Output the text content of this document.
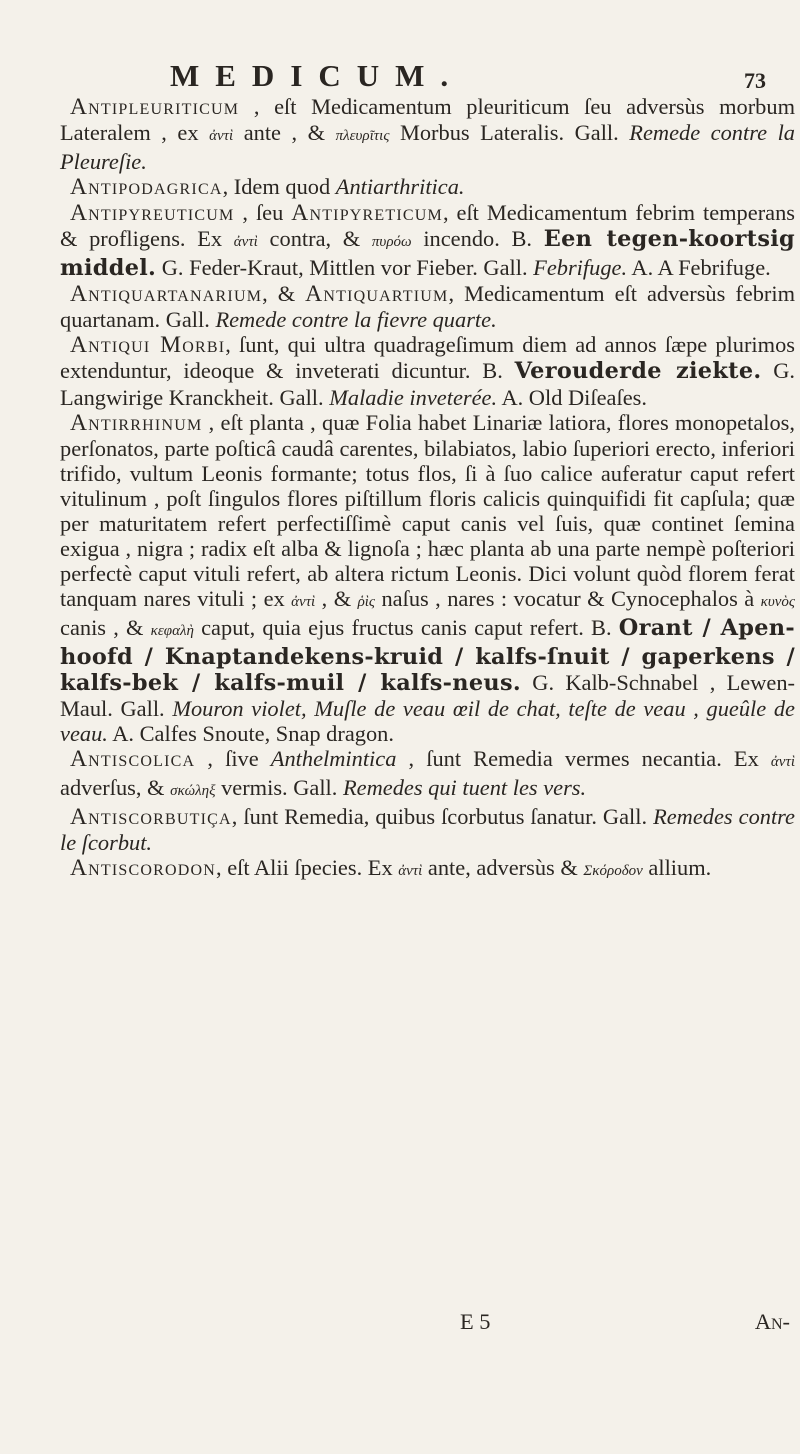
MEDICUM.	73

Antipleuriticum , eſt Medicamentum pleuriticum ſeu adversùs morbum Lateralem , ex ἀντὶ ante , & πλευρῖτις Morbus Lateralis. Gall. Remede contre la Pleureſie.

Antipodagrica, Idem quod Antiarthritica.

Antipyreuticum , ſeu Antipyreticum, eſt Medicamentum febrim temperans & profligens. Ex ἀντὶ contra, & πυρόω incendo. B. Een tegen-koortsig middel. G. Feder-Kraut, Mittlen vor Fieber. Gall. Febrifuge. A. A Febrifuge.

Antiquartanarium, & Antiquartium, Medicamentum eſt adversùs febrim quartanam. Gall. Remede contre la fievre quarte.

Antiqui Morbi, ſunt, qui ultra quadrageſimum diem ad annos ſæpe plurimos extenduntur, ideoque & inveterati dicuntur. B. Verouderde ziekte. G. Langwirige Kranckheit. Gall. Maladie inveterée. A. Old Diſeaſes.

Antirrhinum , eſt planta , quæ Folia habet Linariæ latiora, flores monopetalos, perſonatos, parte poſticâ caudâ carentes, bilabiatos, labio ſuperiori erecto, inferiori trifido, vultum Leonis formante; totus flos, ſi à ſuo calice auferatur caput refert vitulinum , poſt ſingulos flores piſtillum floris calicis quinquifidi fit capſula; quæ per maturitatem refert perfectiſſimè caput canis vel ſuis, quæ continet ſemina exigua , nigra ; radix eſt alba & lignoſa ; hæc planta ab una parte nempè poſteriori perfectè caput vituli refert, ab altera rictum Leonis. Dici volunt quòd florem ferat tanquam nares vituli ; ex ἀντὶ , & ῥὶς naſus , nares : vocatur & Cynocephalos à κυνὸς canis , & κεφαλὴ caput, quia ejus fructus canis caput refert. B. Orant / Apen-hoofd / Knaptandekens-kruid / kalfs-ſnuit / gaperkens / kalfs-bek / kalfs-muil / kalfs-neus. G. Kalb-Schnabel , Lewen-Maul. Gall. Mouron violet, Muſle de veau œil de chat, teſte de veau , gueûle de veau. A. Calfes Snoute, Snap dragon.

Antiscolica , ſive Anthelmintica , ſunt Remedia vermes necantia. Ex ἀντὶ adverſus, & σκώληξ vermis. Gall. Remedes qui tuent les vers.

Antiscorbutiça, ſunt Remedia, quibus ſcorbutus ſanatur. Gall. Remedes contre le ſcorbut.

Antiscorodon, eſt Alii ſpecies. Ex ἀντὶ ante, adversùs & Σκόροδον allium.

E 5	An-
